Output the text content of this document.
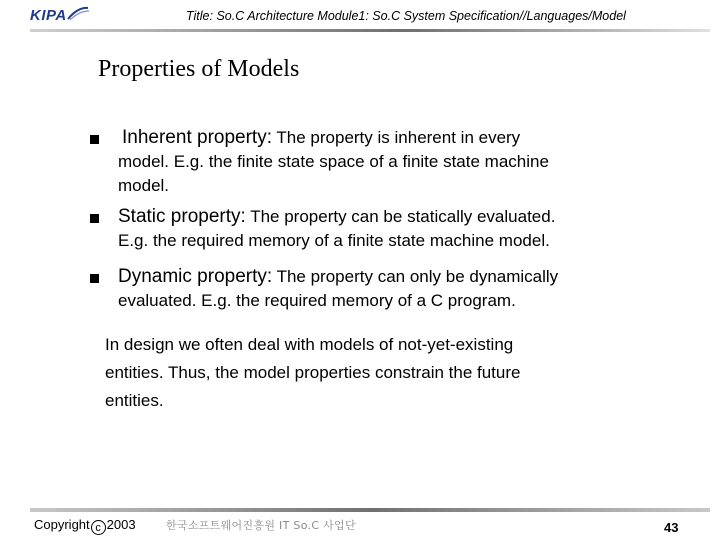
KIPA	Title: So.C Architecture Module1: So.C System Specification//Languages/Model
Properties of Models
Inherent property: The property is inherent in every
model. E.g. the finite state space of a finite state machine
model.
Static property: The property can be statically evaluated.
E.g. the required memory of a finite state machine model.
Dynamic property: The property can only be dynamically
evaluated. E.g. the required memory of a C program.
In design we often deal with models of not-yet-existing
entities. Thus, the model properties constrain the future
entities.
Copyright c 2003	한국소프트웨어진흥원 IT So.C 사업단	43
